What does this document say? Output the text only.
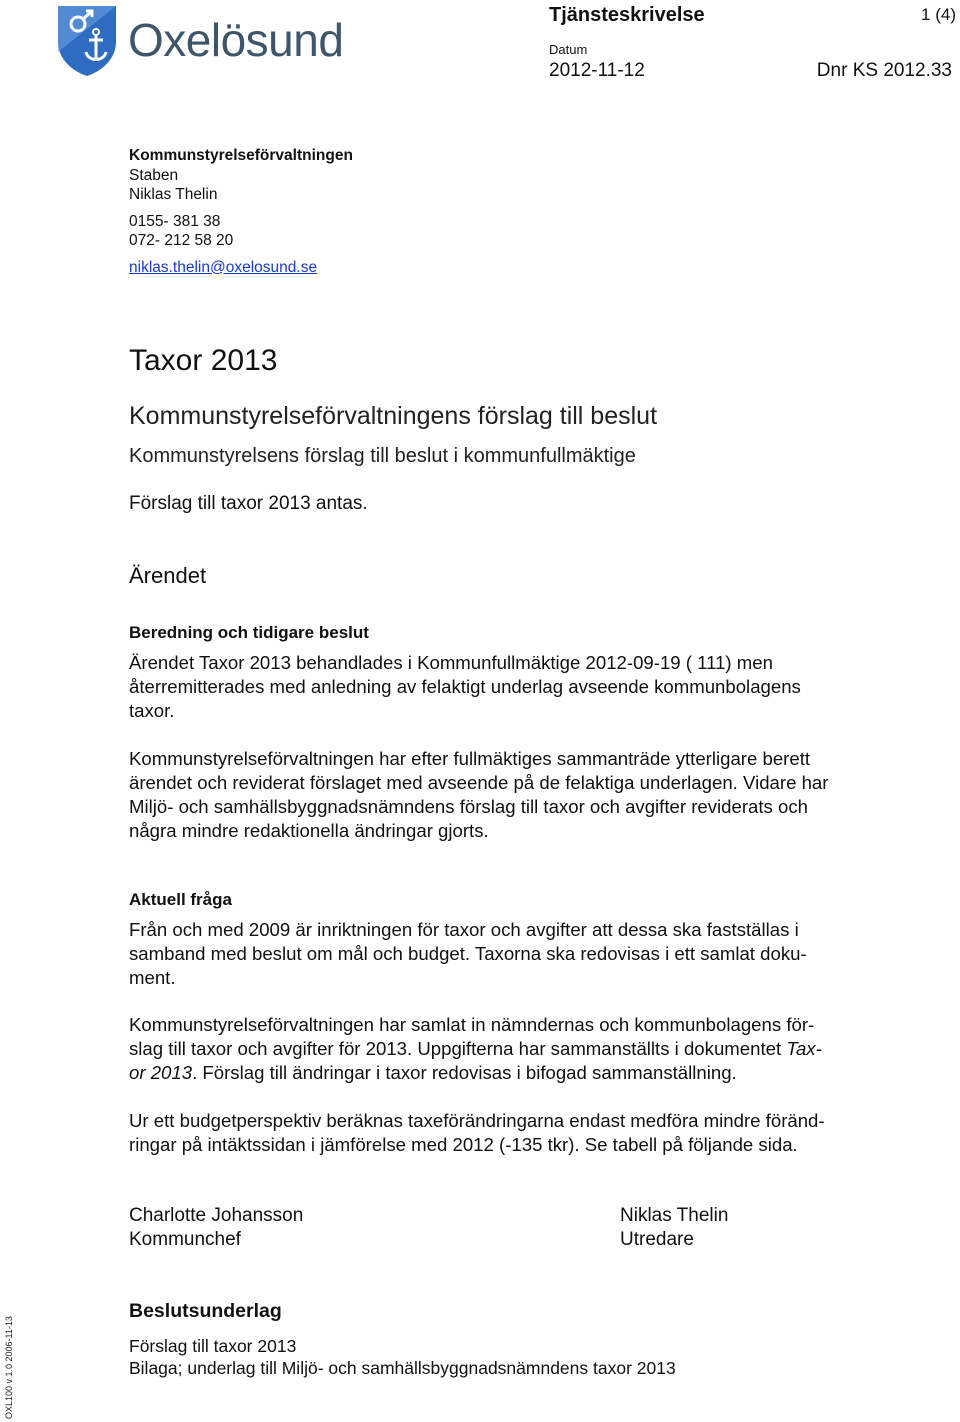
Oxelösund	Tjänsteskrivelse	1 (4)
Datum
2012-11-12	Dnr KS 2012.33
Kommunstyrelseförvaltningen
Staben
Niklas Thelin
0155- 381 38
072- 212 58 20
niklas.thelin@oxelosund.se
Taxor 2013
Kommunstyrelseförvaltningens förslag till beslut
Kommunstyrelsens förslag till beslut i kommunfullmäktige
Förslag till taxor 2013 antas.
Ärendet
Beredning och tidigare beslut
Ärendet Taxor 2013 behandlades i Kommunfullmäktige 2012-09-19 ( 111) men
återremitterades med anledning av felaktigt underlag avseende kommunbolagens
taxor.
Kommunstyrelseförvaltningen har efter fullmäktiges sammanträde ytterligare berett
ärendet och reviderat förslaget med avseende på de felaktiga underlagen. Vidare har
Miljö- och samhällsbyggnadsnämndens förslag till taxor och avgifter reviderats och
några mindre redaktionella ändringar gjorts.
Aktuell fråga
Från och med 2009 är inriktningen för taxor och avgifter att dessa ska fastställas i
samband med beslut om mål och budget. Taxorna ska redovisas i ett samlat doku-
ment.
Kommunstyrelseförvaltningen har samlat in nämndernas och kommunbolagens för-
slag till taxor och avgifter för 2013. Uppgifterna har sammanställts i dokumentet Tax-
or 2013. Förslag till ändringar i taxor redovisas i bifogad sammanställning.
Ur ett budgetperspektiv beräknas taxeförändringarna endast medföra mindre föränd-
ringar på intäktssidan i jämförelse med 2012 (-135 tkr). Se tabell på följande sida.
Charlotte Johansson
Kommunchef
Niklas Thelin
Utredare
Beslutsunderlag
Förslag till taxor 2013
Bilaga; underlag till Miljö- och samhällsbyggnadsnämndens taxor 2013
OXL100 v 1.0 2006-11-13
